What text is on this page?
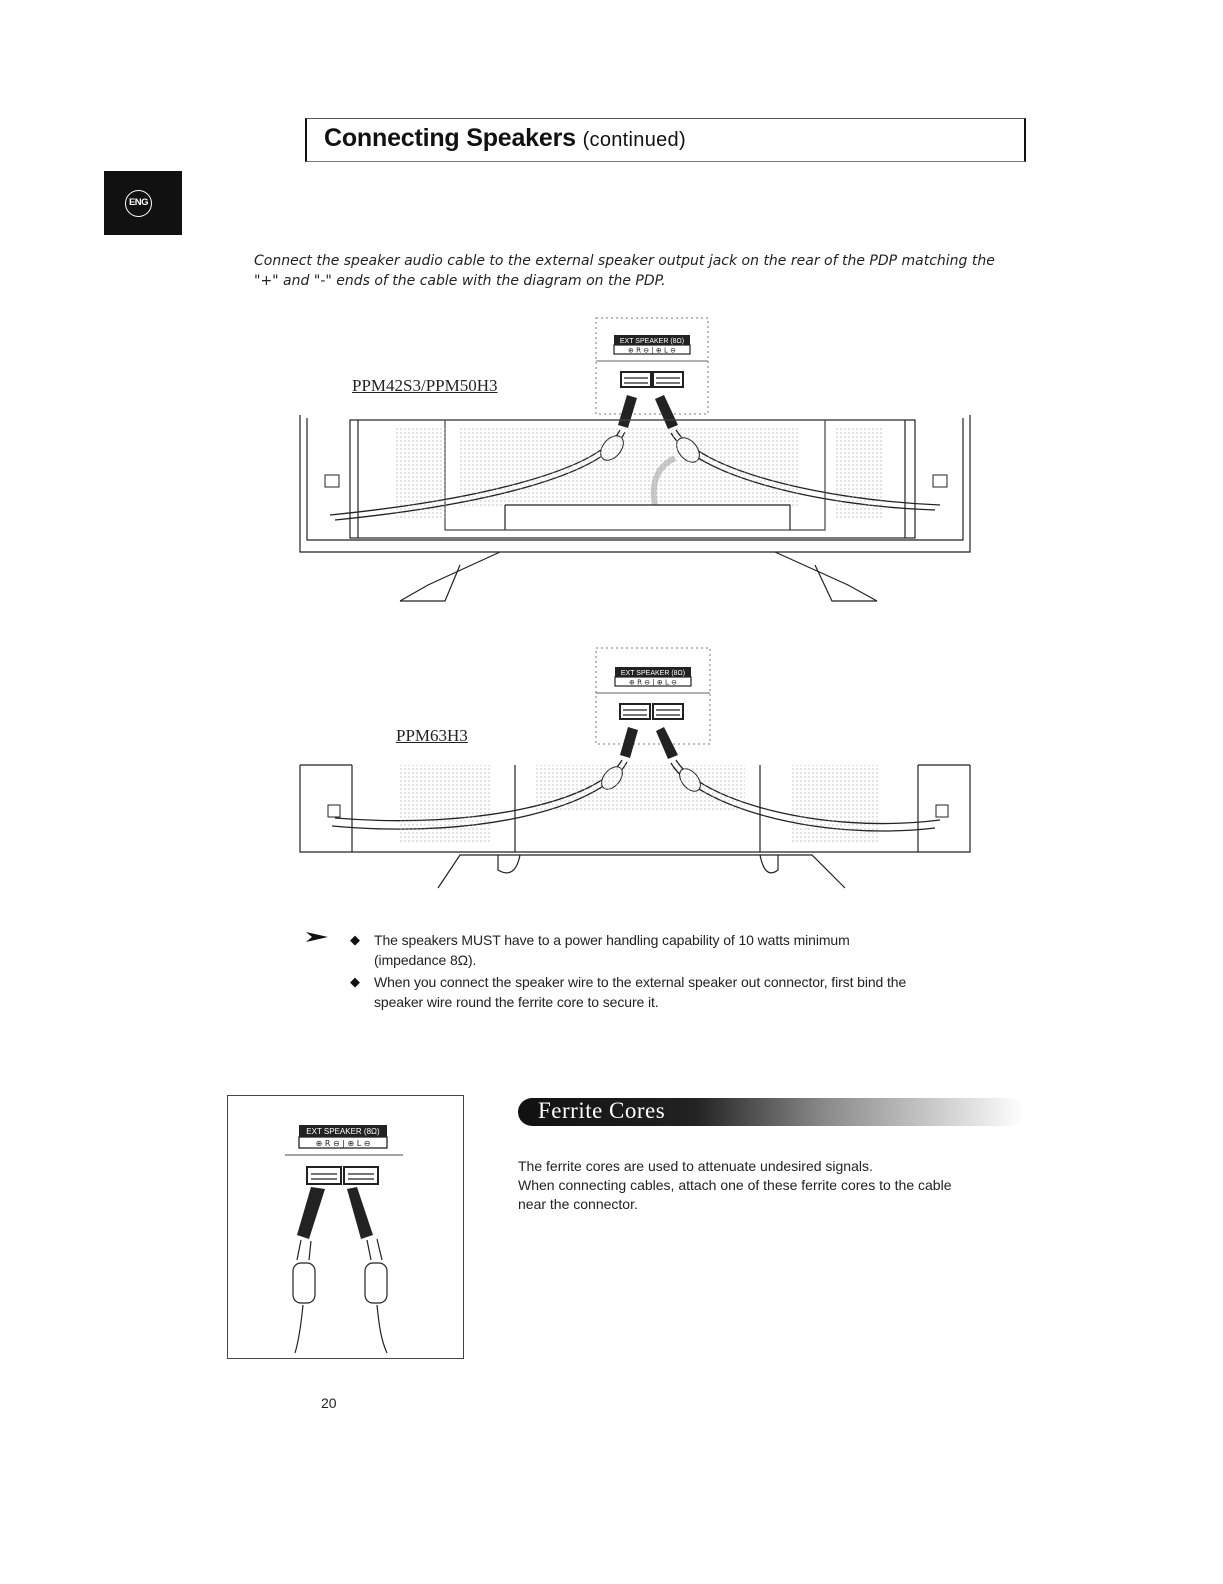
Connecting Speakers (continued)
ENG
Connect the speaker audio cable to the external speaker output jack on the rear of the PDP matching the "+" and "-" ends of the cable with the diagram on the PDP.
PPM42S3/PPM50H3
EXT SPEAKER (8Ω)
⊕ R ⊖ | ⊕ L ⊖
PPM63H3
EXT SPEAKER (8Ω)
⊕ R ⊖ | ⊕ L ⊖
◆ The speakers MUST have to a power handling capability of 10 watts minimum
(impedance 8Ω).
◆ When you connect the speaker wire to the external speaker out connector, first bind the
speaker wire round the ferrite core to secure it.
EXT SPEAKER (8Ω)
⊕ R ⊖ | ⊕ L ⊖
Ferrite Cores
The ferrite cores are used to attenuate undesired signals.
When connecting cables, attach one of these ferrite cores to the cable
near the connector.
20
